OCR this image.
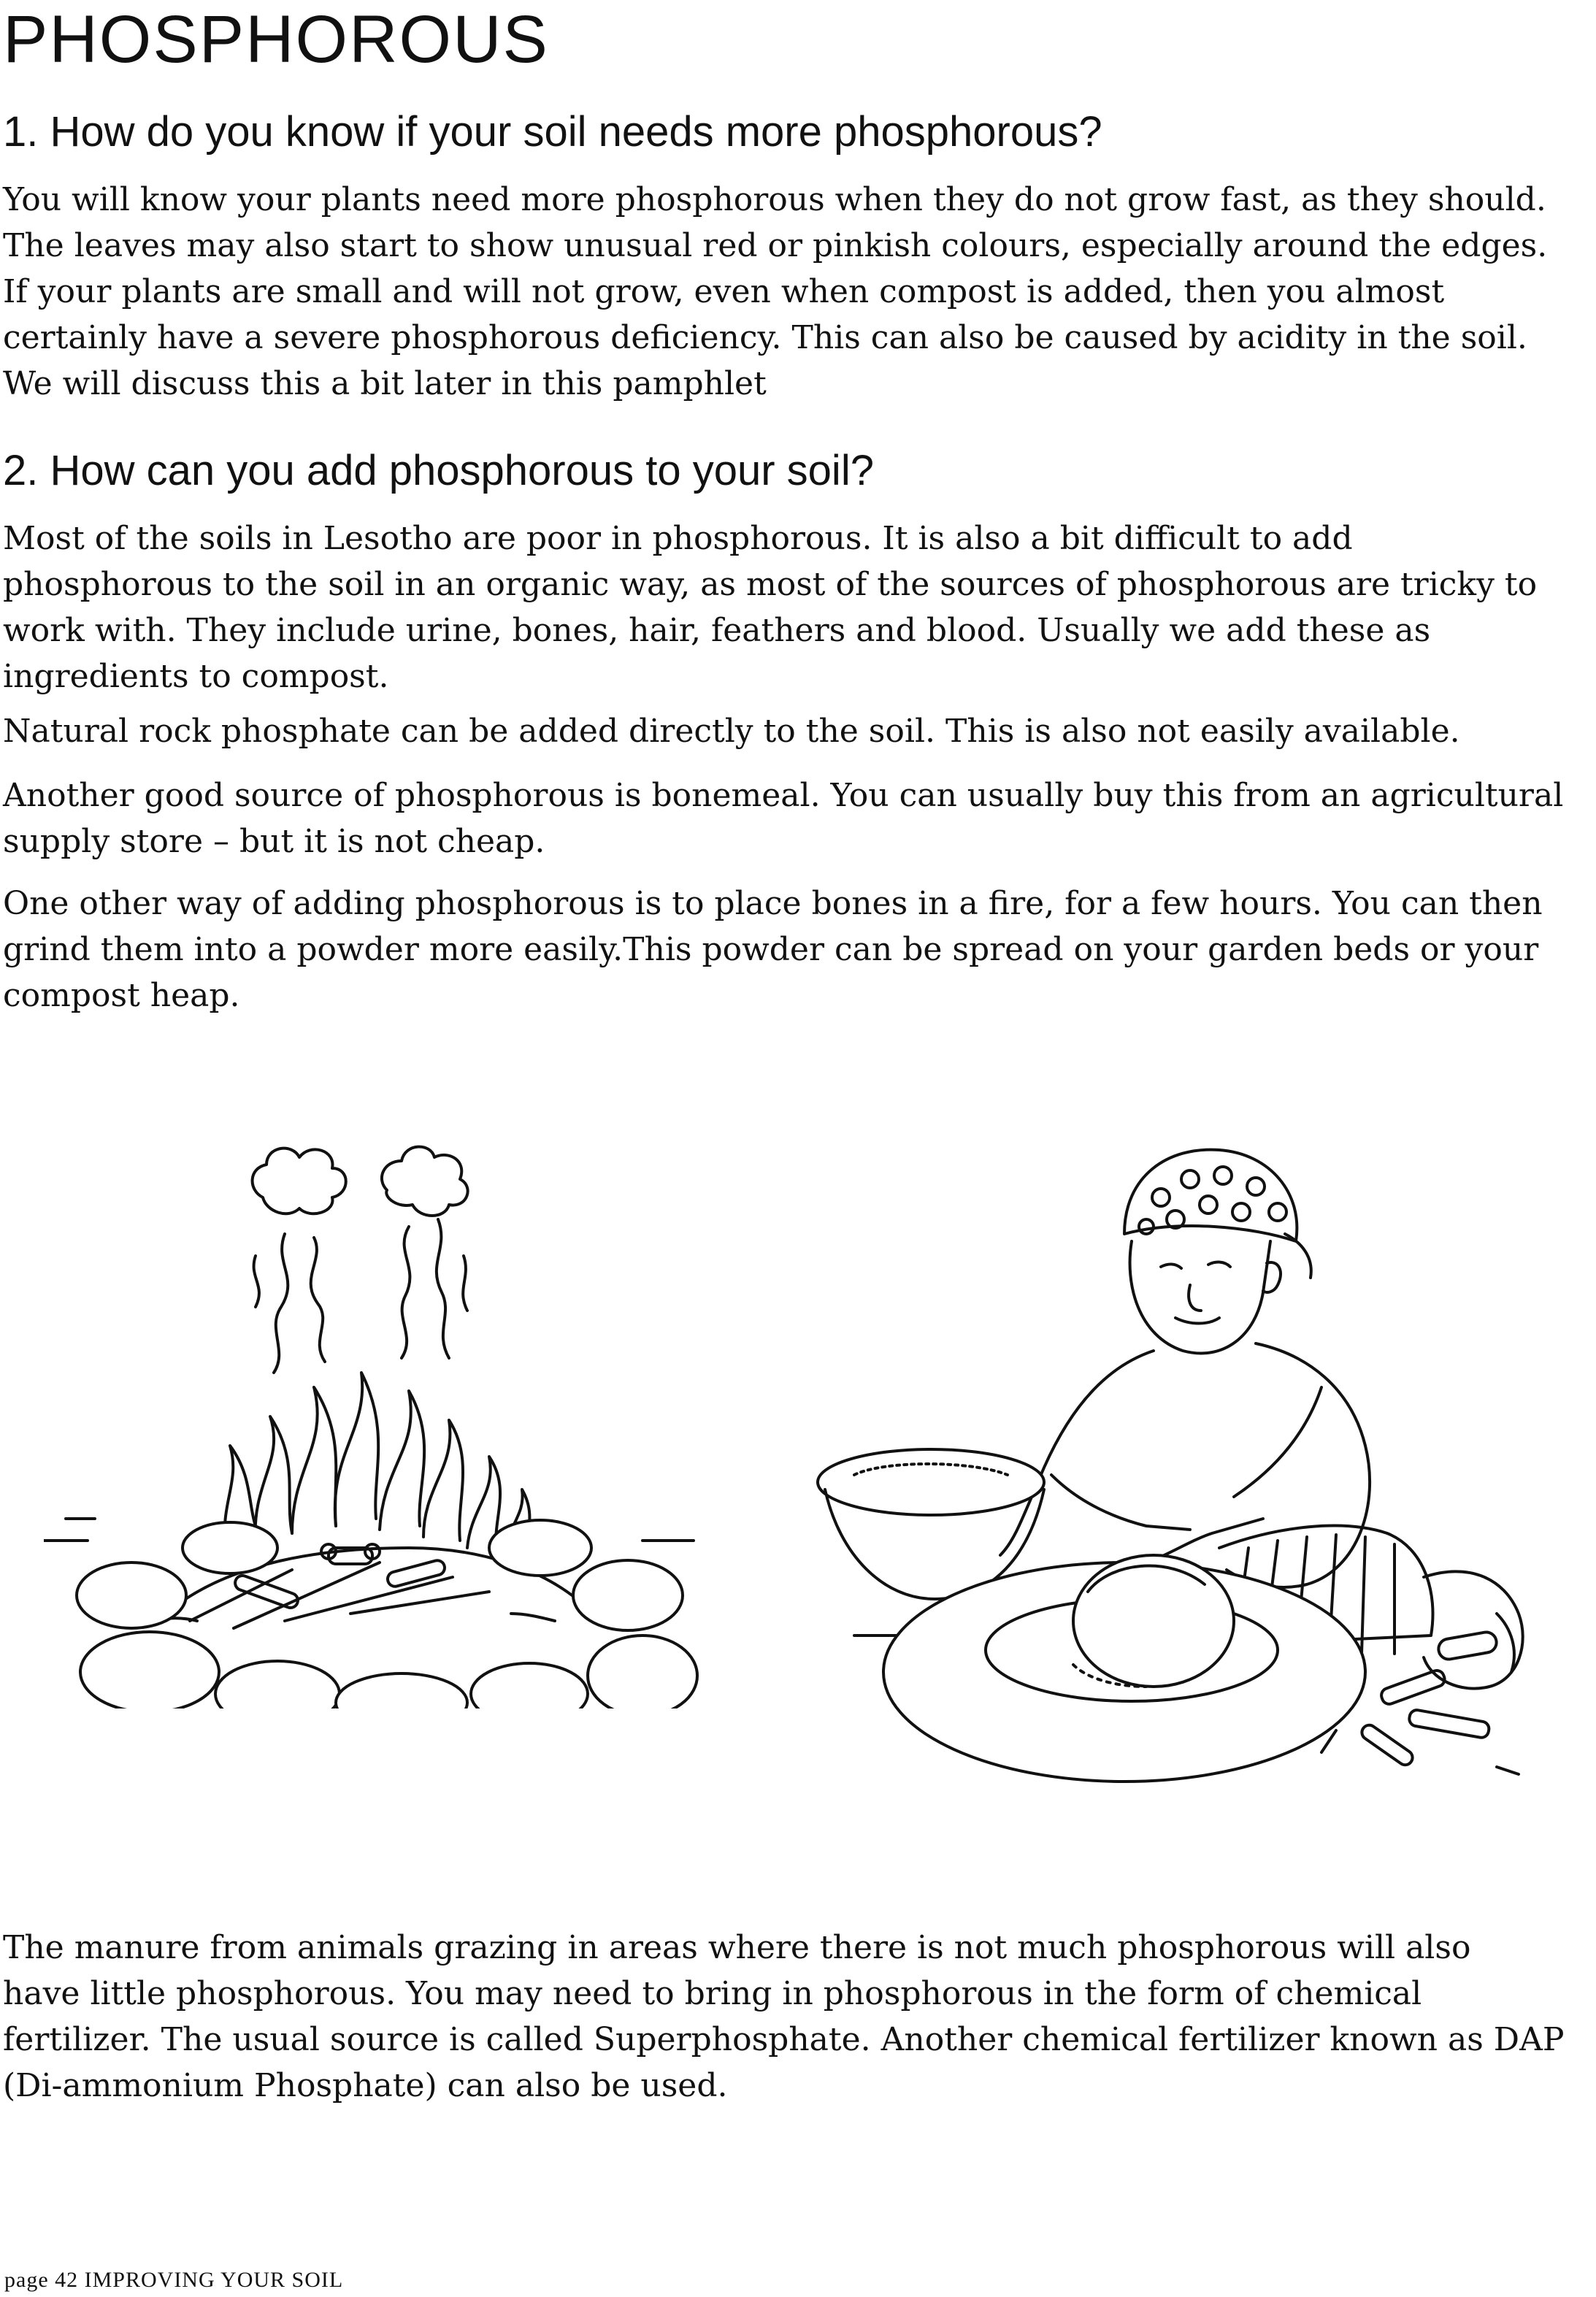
PHOSPHOROUS
1. How do you know if your soil needs more phosphorous?

You will know your plants need more phosphorous when they do not grow fast, as they should.
The leaves may also start to show unusual red or pinkish colours, especially around the edges.
If your plants are small and will not grow, even when compost is added, then you almost
certainly have a severe phosphorous deficiency. This can also be caused by acidity in the soil.
We will discuss this a bit later in this pamphlet

2. How can you add phosphorous to your soil?

Most of the soils in Lesotho are poor in phosphorous. It is also a bit difficult to add
phosphorous to the soil in an organic way, as most of the sources of phosphorous are tricky to
work with. They include urine, bones, hair, feathers and blood. Usually we add these as
ingredients to compost.

Natural rock phosphate can be added directly to the soil. This is also not easily available.

Another good source of phosphorous is bonemeal. You can usually buy this from an agricultural
supply store – but it is not cheap.

One other way of adding phosphorous is to place bones in a fire, for a few hours. You can then
grind them into a powder more easily.This powder can be spread on your garden beds or your
compost heap.

The manure from animals grazing in areas where there is not much phosphorous will also
have little phosphorous. You may need to bring in phosphorous in the form of chemical
fertilizer. The usual source is called Superphosphate. Another chemical fertilizer known as DAP
(Di-ammonium Phosphate) can also be used.

page 42 IMPROVING YOUR SOIL
